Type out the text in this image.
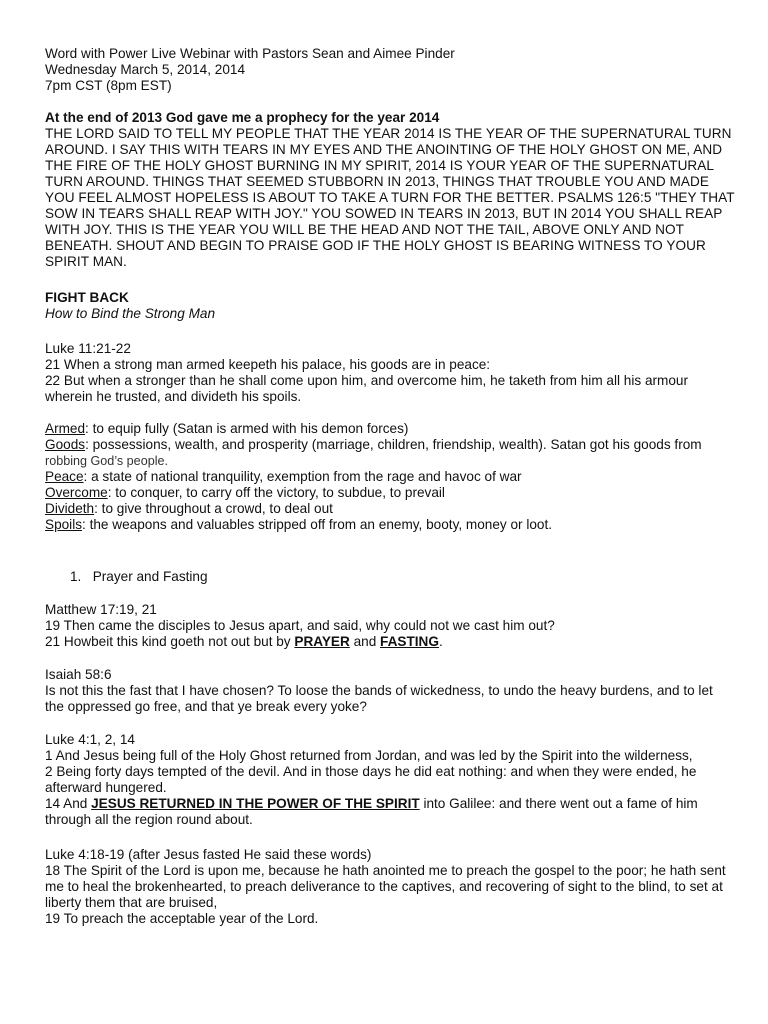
Word with Power Live Webinar with Pastors Sean and Aimee Pinder
Wednesday March 5, 2014, 2014
7pm CST (8pm EST)
At the end of 2013 God gave me a prophecy for the year 2014
THE LORD SAID TO TELL MY PEOPLE THAT THE YEAR 2014 IS THE YEAR OF THE SUPERNATURAL TURN AROUND. I SAY THIS WITH TEARS IN MY EYES AND THE ANOINTING OF THE HOLY GHOST ON ME, AND THE FIRE OF THE HOLY GHOST BURNING IN MY SPIRIT, 2014 IS YOUR YEAR OF THE SUPERNATURAL TURN AROUND. THINGS THAT SEEMED STUBBORN IN 2013, THINGS THAT TROUBLE YOU AND MADE YOU FEEL ALMOST HOPELESS IS ABOUT TO TAKE A TURN FOR THE BETTER. PSALMS 126:5 "THEY THAT SOW IN TEARS SHALL REAP WITH JOY." YOU SOWED IN TEARS IN 2013, BUT IN 2014 YOU SHALL REAP WITH JOY. THIS IS THE YEAR YOU WILL BE THE HEAD AND NOT THE TAIL, ABOVE ONLY AND NOT BENEATH. SHOUT AND BEGIN TO PRAISE GOD IF THE HOLY GHOST IS BEARING WITNESS TO YOUR SPIRIT MAN.
FIGHT BACK
How to Bind the Strong Man
Luke 11:21-22
21 When a strong man armed keepeth his palace, his goods are in peace:
22 But when a stronger than he shall come upon him, and overcome him, he taketh from him all his armour wherein he trusted, and divideth his spoils.
Armed: to equip fully (Satan is armed with his demon forces)
Goods: possessions, wealth, and prosperity (marriage, children, friendship, wealth). Satan got his goods from
robbing God’s people.
Peace: a state of national tranquility, exemption from the rage and havoc of war
Overcome: to conquer, to carry off the victory, to subdue, to prevail
Divideth: to give throughout a crowd, to deal out
Spoils: the weapons and valuables stripped off from an enemy, booty, money or loot.
1. Prayer and Fasting
Matthew 17:19, 21
19 Then came the disciples to Jesus apart, and said, why could not we cast him out?
21 Howbeit this kind goeth not out but by PRAYER and FASTING.
Isaiah 58:6
Is not this the fast that I have chosen? To loose the bands of wickedness, to undo the heavy burdens, and to let the oppressed go free, and that ye break every yoke?
Luke 4:1, 2, 14
1 And Jesus being full of the Holy Ghost returned from Jordan, and was led by the Spirit into the wilderness,
2 Being forty days tempted of the devil. And in those days he did eat nothing: and when they were ended, he afterward hungered.
14 And JESUS RETURNED IN THE POWER OF THE SPIRIT into Galilee: and there went out a fame of him through all the region round about.
Luke 4:18-19 (after Jesus fasted He said these words)
18 The Spirit of the Lord is upon me, because he hath anointed me to preach the gospel to the poor; he hath sent me to heal the brokenhearted, to preach deliverance to the captives, and recovering of sight to the blind, to set at liberty them that are bruised,
19 To preach the acceptable year of the Lord.
